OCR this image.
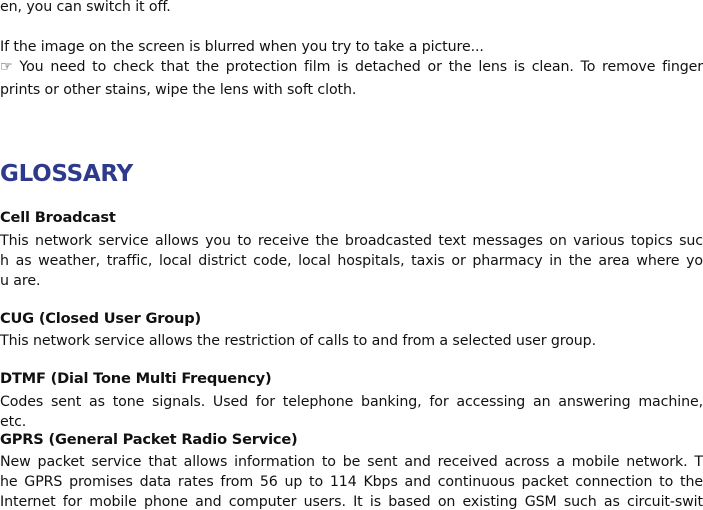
en, you can switch it off.
If the image on the screen is blurred when you try to take a picture...
☞ You need to check that the protection film is detached or the lens is clean. To remove finger
prints or other stains, wipe the lens with soft cloth.
GLOSSARY
Cell Broadcast
This network service allows you to receive the broadcasted text messages on various topics suc
h as weather, traffic, local district code, local hospitals, taxis or pharmacy in the area where yo
u are.
CUG (Closed User Group)
This network service allows the restriction of calls to and from a selected user group.
DTMF (Dial Tone Multi Frequency)
Codes sent as tone signals. Used for telephone banking, for accessing an answering machine,
etc.
GPRS (General Packet Radio Service)
New packet service that allows information to be sent and received across a mobile network. T
he GPRS promises data rates from 56 up to 114 Kbps and continuous packet connection to the
Internet for mobile phone and computer users. It is based on existing GSM such as circuit-swit
